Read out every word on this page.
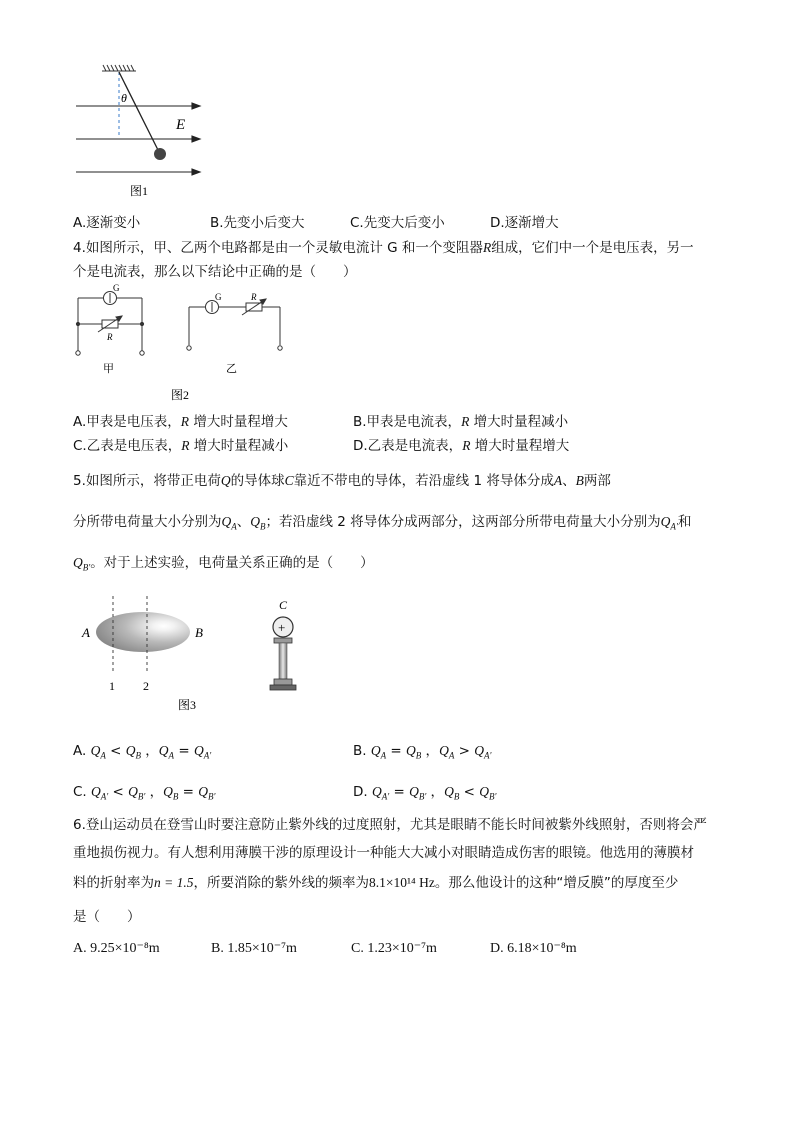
θ
E
图1
A.逐渐变小	B.先变小后变大	C.先变大后变小	D.逐渐增大
4.如图所示，甲、乙两个电路都是由一个灵敏电流计 G 和一个变阻器R组成，它们中一个是电压表，另一
个是电流表，那么以下结论中正确的是（　　）
G
R
G	R
甲	乙
图2
A.甲表是电压表，R 增大时量程增大	B.甲表是电流表，R 增大时量程减小
C.乙表是电压表，R 增大时量程减小	D.乙表是电流表，R 增大时量程增大
5.如图所示，将带正电荷Q的导体球C靠近不带电的导体，若沿虚线 1 将导体分成A、B两部
分所带电荷量大小分别为$Q_A$、$Q_B$；若沿虚线 2 将导体分成两部分，这两部分所带电荷量大小分别为$Q_{A'}$和
$Q_{B'}$。对于上述实验，电荷量关系正确的是（　　）
A	B
1 2
C
+
图3
A. $Q_A < Q_B$ ，$Q_A = Q_{A'}$	B. $Q_A = Q_B$ ，$Q_A > Q_{A'}$
C. $Q_{A'} < Q_{B'}$ ，$Q_B = Q_{B'}$	D. $Q_{A'} = Q_{B'}$ ，$Q_B < Q_{B'}$
6.登山运动员在登雪山时要注意防止紫外线的过度照射，尤其是眼睛不能长时间被紫外线照射，否则将会严
重地损伤视力。有人想利用薄膜干涉的原理设计一种能大大减小对眼睛造成伤害的眼镜。他选用的薄膜材
料的折射率为n = 1.5，所要消除的紫外线的频率为8.1×10¹⁴ Hz。那么他设计的这种“增反膜”的厚度至少
是（　　）
A. 9.25×10⁻⁸m	B. 1.85×10⁻⁷m	C. 1.23×10⁻⁷m	D. 6.18×10⁻⁸m
